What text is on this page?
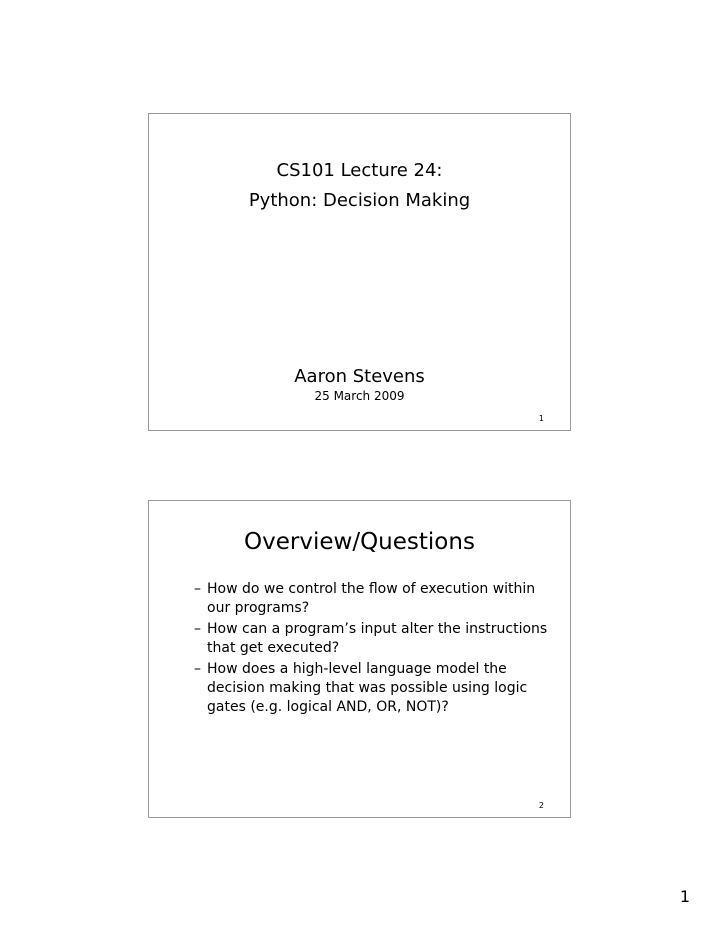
CS101 Lecture 24:
Python: Decision Making
Aaron Stevens
25 March 2009
1
Overview/Questions
– How do we control the flow of execution within our programs?
– How can a program’s input alter the instructions that get executed?
– How does a high-level language model the decision making that was possible using logic gates (e.g. logical AND, OR, NOT)?
2
1
